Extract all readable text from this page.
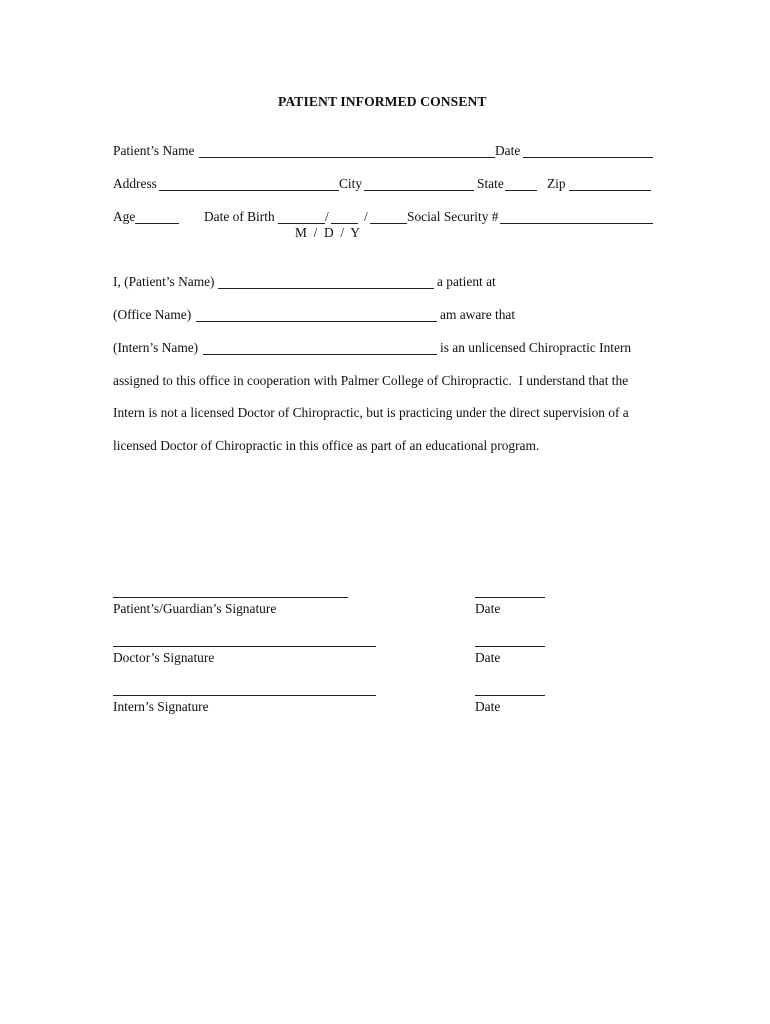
PATIENT INFORMED CONSENT
Patient’s Name	Date
Address	City	State	Zip
Age	Date of Birth	/	/	Social Security #
M  /  D  /  Y
I, (Patient’s Name)	a patient at
(Office Name)	am aware that
(Intern’s Name)	is an unlicensed Chiropractic Intern
assigned to this office in cooperation with Palmer College of Chiropractic.  I understand that the
Intern is not a licensed Doctor of Chiropractic, but is practicing under the direct supervision of a
licensed Doctor of Chiropractic in this office as part of an educational program.
Patient’s/Guardian’s Signature	Date
Doctor’s Signature	Date
Intern’s Signature	Date
